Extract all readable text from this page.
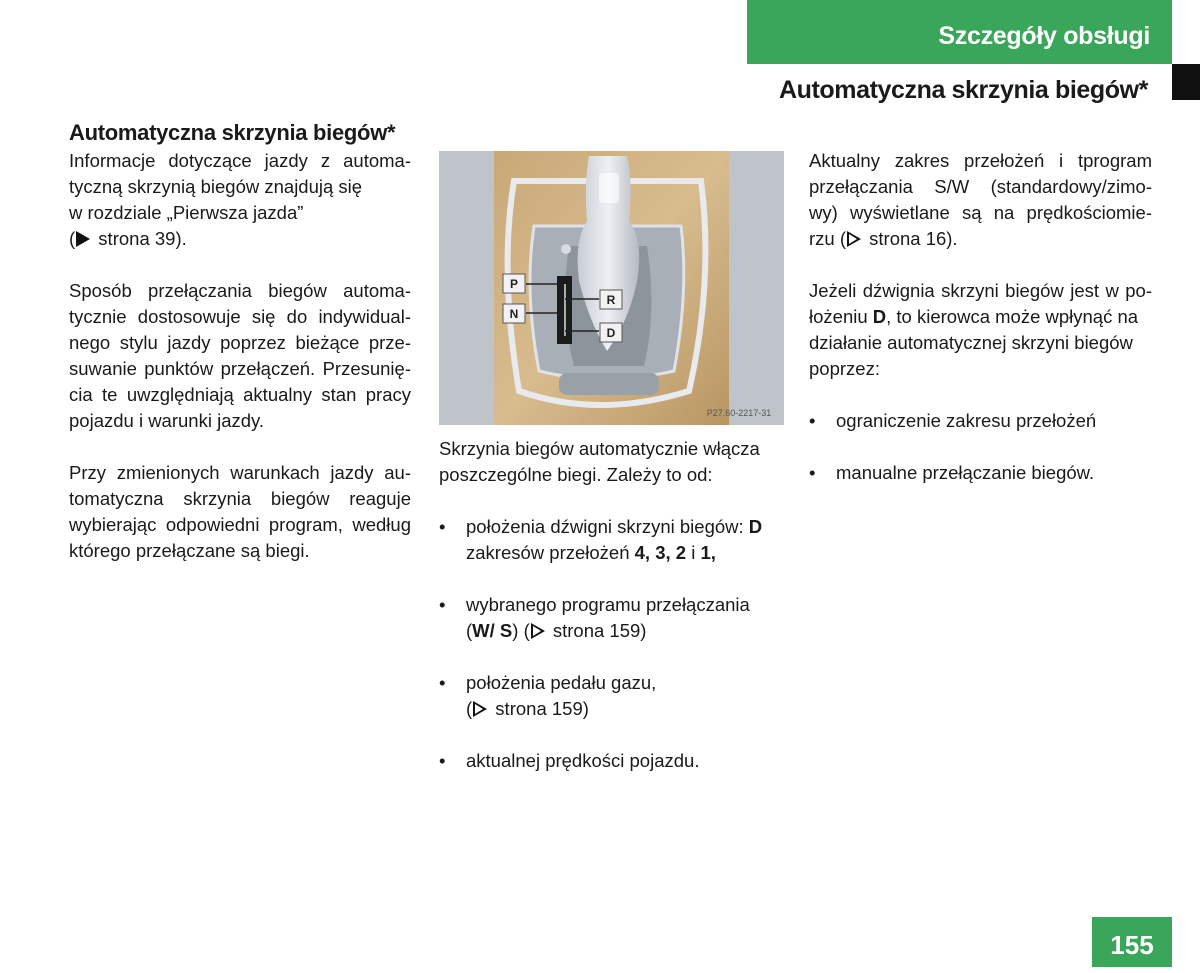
Szczegóły obsługi
Automatyczna skrzynia biegów*
Automatyczna skrzynia biegów*

Informacje dotyczące jazdy z automa-
tyczną skrzynią biegów znajdują się
w rozdziale „Pierwsza jazda”
( strona 39).

Sposób przełączania biegów automa-
tycznie dostosowuje się do indywidual-
nego stylu jazdy poprzez bieżące prze-
suwanie punktów przełączeń. Przesunię-
cia te uwzględniają aktualny stan pracy
pojazdu i warunki jazdy.

Przy zmienionych warunkach jazdy au-
tomatyczna skrzynia biegów reaguje
wybierając odpowiedni program, według
którego przełączane są biegi.

P
N
R
D
P27.60-2217-31

Skrzynia biegów automatycznie włącza
poszczególne biegi. Zależy to od:

• położenia dźwigni skrzyni biegów: D
zakresów przełożeń 4, 3, 2 i 1,
• wybranego programu przełączania
(W/ S) ( strona 159)
• położenia pedału gazu,
( strona 159)
• aktualnej prędkości pojazdu.

Aktualny zakres przełożeń i tprogram
przełączania S/W (standardowy/zimo-
wy) wyświetlane są na prędkościomie-
rzu ( strona 16).

Jeżeli dźwignia skrzyni biegów jest w po-
łożeniu D, to kierowca może wpłynąć na
działanie automatycznej skrzyni biegów
poprzez:

• ograniczenie zakresu przełożeń
• manualne przełączanie biegów.
155
